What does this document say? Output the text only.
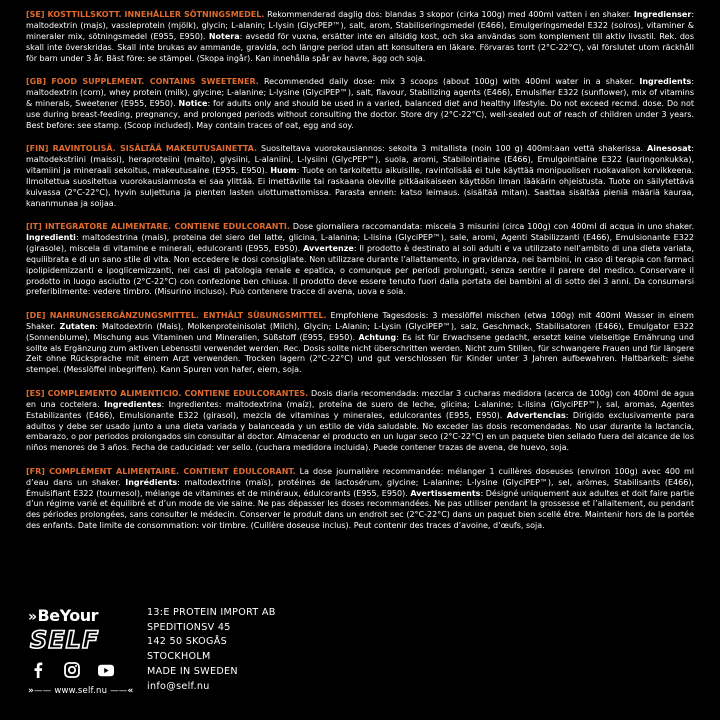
[SE] KOSTTILLSKOTT. INNEHÅLLER SÖTNINGSMEDEL. Rekommenderad daglig dos: blandas 3 skopor (cirka 100g) med 400ml vatten i en shaker. Ingredienser: maltodextrin (majs), vassleprotein (mjölk), glycin; L-alanin; L-lysin (GlycPEP™), salt, arom, Stabiliseringsmedel (E466), Emulgeringsmedel E322 (solros), vitaminer & mineraler mix, sötningsmedel (E955, E950). Notera: avsedd för vuxna, ersätter inte en allsidig kost, och ska användas som komplement till aktiv livsstil. Rek. dos skall inte överskridas. Skall inte brukas av ammande, gravida, och längre period utan att konsultera en läkare. Förvaras torrt (2°C-22°C), väl förslutet utom räckhåll för barn under 3 år. Bäst före: se stämpel. (Skopa ingår). Kan innehålla spår av havre, ägg och soja.

[GB] FOOD SUPPLEMENT. CONTAINS SWEETENER. Recommended daily dose: mix 3 scoops (about 100g) with 400ml water in a shaker. Ingredients: maltodextrin (corn), whey protein (milk), glycine; L-alanine; L-lysine (GlyciPEP™), salt, flavour, Stabilizing agents (E466), Emulsifier E322 (sunflower), mix of vitamins & minerals, Sweetener (E955, E950). Notice: for adults only and should be used in a varied, balanced diet and healthy lifestyle. Do not exceed recmd. dose. Do not use during breast-feeding, pregnancy, and prolonged periods without consulting the doctor. Store dry (2°C-22°C), well-sealed out of reach of children under 3 years. Best before: see stamp. (Scoop included). May contain traces of oat, egg and soy.

[FIN] RAVINTOLISÄ. SISÄLTÄÄ MAKEUTUSAINETTA. Suositeltava vuorokausiannos: sekoita 3 mitallista (noin 100 g) 400ml:aan vettä shakerissa. Ainesosat: maltodekstriini (maissi), heraproteiini (maito), glysiini, L-alaniini, L-lysiini (GlycPEP™), suola, aromi, Stabilointiaine (E466), Emulgointiaine E322 (auringonkukka), vitamiini ja mineraali sekoitus, makeutusaine (E955, E950). Huom: Tuote on tarkoitettu aikuisille, ravintolisää ei tule käyttää monipuolisen ruokavalion korvikkeena. Ilmoitettua suositeltua vuorokausiannosta ei saa ylittää. Ei imettäville tai raskaana oleville pitkäaikaiseen käyttöön ilman lääkärin ohjeistusta. Tuote on säilytettävä kuivassa (2°C-22°C), hyvin suljettuna ja pienten lasten ulottumattomissa. Parasta ennen: katso leimaus. (sisältää mitan). Saattaa sisältää pieniä määriä kauraa, kananmunaa ja soijaa.

[IT] INTEGRATORE ALIMENTARE. CONTIENE EDULCORANTI. Dose giornaliera raccomandata: miscela 3 misurini (circa 100g) con 400ml di acqua in uno shaker. Ingredienti: maltodestrina (mais), proteina del siero del latte, glicina, L-alanina; L-lisina (GlyciPEP™), sale, aromi, Agenti Stabilizzanti (E466), Emulsionante E322 (girasole), miscela di vitamine e minerali, edulcoranti (E955, E950). Avvertenze: Il prodotto è destinato ai soli adulti e va utilizzato nell’ambito di una dieta variata, equilibrata e di un sano stile di vita. Non eccedere le dosi consigliate. Non utilizzare durante l’allattamento, in gravidanza, nei bambini, in caso di terapia con farmaci ipolipidemizzanti e ipoglicemizzanti, nei casi di patologia renale e epatica, o comunque per periodi prolungati, senza sentire il parere del medico. Conservare il prodotto in luogo asciutto (2°C-22°C) con confezione ben chiusa. Il prodotto deve essere tenuto fuori dalla portata dei bambini al di sotto dei 3 anni. Da consumarsi preferibilmente: vedere timbro. (Misurino incluso). Può contenere tracce di avena, uova e soia.

[DE] NAHRUNGSERGÄNZUNGSMITTEL. ENTHÄLT SÜßUNGSMITTEL. Empfohlene Tagesdosis: 3 messlöffel mischen (etwa 100g) mit 400ml Wasser in einem Shaker. Zutaten: Maltodextrin (Mais), Molkenproteinisolat (Milch), Glycin; L-Alanin; L-Lysin (GlyciPEP™), salz, Geschmack, Stabilisatoren (E466), Emulgator E322 (Sonnenblume), Mischung aus Vitaminen und Mineralien, Süßstoff (E955, E950). Achtung: Es ist für Erwachsene gedacht, ersetzt keine vielseitige Ernährung und sollte als Ergänzung zum aktiven Lebensstil verwendet werden. Rec. Dosis sollte nicht überschritten werden. Nicht zum Stillen, für schwangere Frauen und für längere Zeit ohne Rücksprache mit einem Arzt verwenden. Trocken lagern (2°C-22°C) und gut verschlossen für Kinder unter 3 Jahren aufbewahren. Haltbarkeit: siehe stempel. (Messlöffel inbegriffen). Kann Spuren von hafer, eiern, soja.

[ES] COMPLEMENTO ALIMENTICIO. CONTIENE EDULCORANTES. Dosis diaria recomendada: mezclar 3 cucharas medidora (acerca de 100g) con 400ml de agua en una coctelera. Ingredientes: Ingredientes: maltodextrina (maíz), proteína de suero de leche, glicina; L-alanine; L-lisina (GlyciPEP™), sal, aromas, Agentes Estabilizantes (E466), Emulsionante E322 (girasol), mezcla de vitaminas y minerales, edulcorantes (E955, E950). Advertencias: Dirigido exclusivamente para adultos y debe ser usado junto a una dieta variada y balanceada y un estilo de vida saludable. No exceder las dosis recomendadas. No usar durante la lactancia, embarazo, o por periodos prolongados sin consultar al doctor. Almacenar el producto en un lugar seco (2°C-22°C) en un paquete bien sellado fuera del alcance de los niños menores de 3 años. Fecha de caducidad: ver sello. (cuchara medidora incluida). Puede contener trazas de avena, de huevo, soja.

[FR] COMPLÉMENT ALIMENTAIRE. CONTIENT ÉDULCORANT. La dose journalière recommandée: mélanger 1 cuillères doseuses (environ 100g) avec 400 ml d’eau dans un shaker. Ingrédients: maltodextrine (maïs), protéines de lactosérum, glycine; L-alanine; L-lysine (GlyciPEP™), sel, arômes, Stabilisants (E466), Émulsifiant E322 (tournesol), mélange de vitamines et de minéraux, édulcorants (E955, E950). Avertissements: Désigné uniquement aux adultes et doit faire partie d’un régime varié et équilibré et d’un mode de vie saine. Ne pas dépasser les doses recommandées. Ne pas utiliser pendant la grossesse et l’allaitement, ou pendant des périodes prolongées, sans consulter le médecin. Conserver le produit dans un endroit sec (2°C-22°C) dans un paquet bien scellé être. Maintenir hors de la portée des enfants. Date limite de consommation: voir timbre. (Cuillère doseuse inclus). Peut contenir des traces d’avoine, d’œufs, soja.

»BeYour
SELF
»—— www.self.nu ——«
13:E PROTEIN IMPORT AB
SPEDITIONSV 45
142 50 SKOGÅS
STOCKHOLM
MADE IN SWEDEN
info@self.nu
